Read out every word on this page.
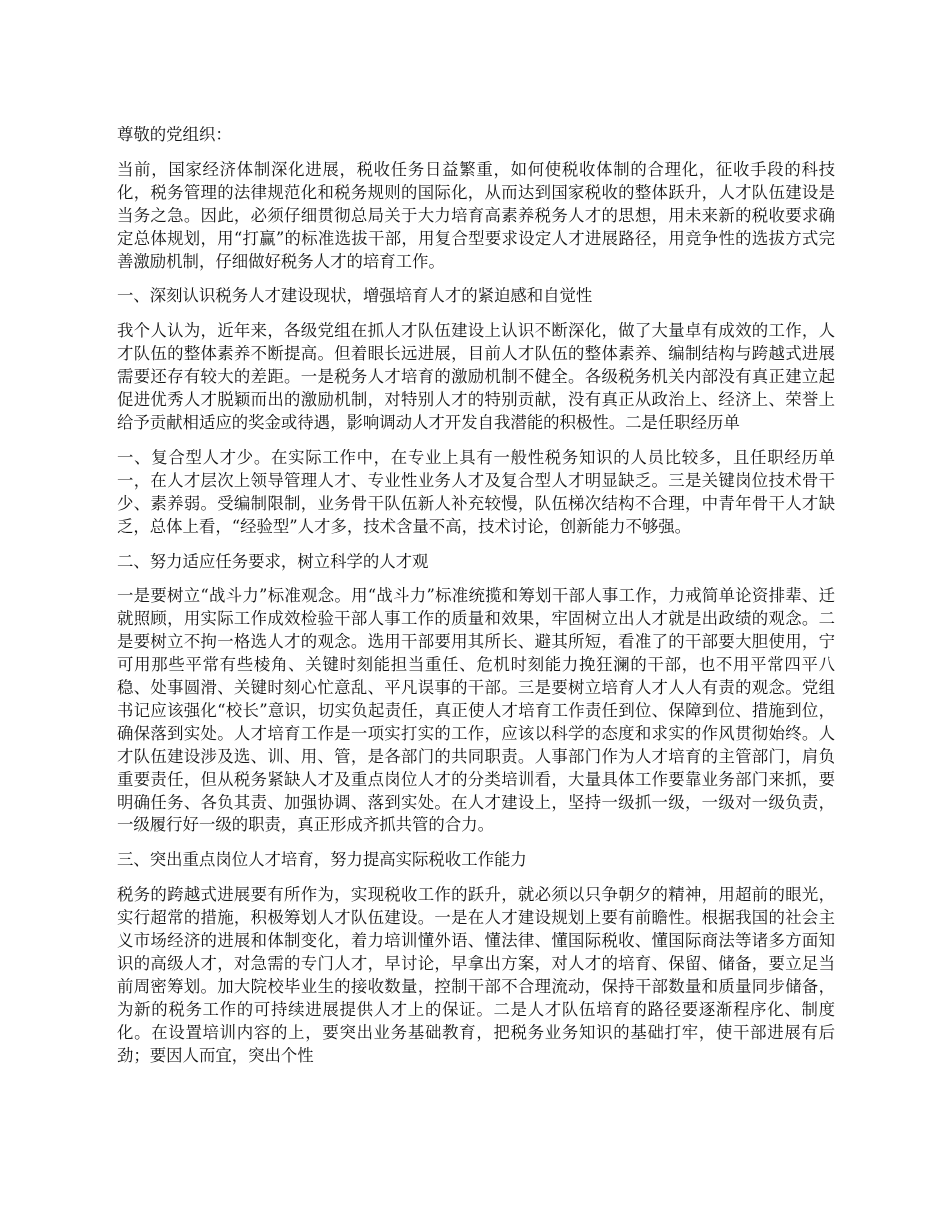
尊敬的党组织：

当前，国家经济体制深化进展，税收任务日益繁重，如何使税收体制的合理化，征收手段的科技化，税务管理的法律规范化和税务规则的国际化，从而达到国家税收的整体跃升，人才队伍建设是当务之急。因此，必须仔细贯彻总局关于大力培育高素养税务人才的思想，用未来新的税收要求确定总体规划，用“打赢”的标准选拔干部，用复合型要求设定人才进展路径，用竞争性的选拔方式完善激励机制，仔细做好税务人才的培育工作。

一、深刻认识税务人才建设现状，增强培育人才的紧迫感和自觉性

我个人认为，近年来，各级党组在抓人才队伍建设上认识不断深化，做了大量卓有成效的工作，人才队伍的整体素养不断提高。但着眼长远进展，目前人才队伍的整体素养、编制结构与跨越式进展需要还存有较大的差距。一是税务人才培育的激励机制不健全。各级税务机关内部没有真正建立起促进优秀人才脱颖而出的激励机制，对特别人才的特别贡献，没有真正从政治上、经济上、荣誉上给予贡献相适应的奖金或待遇，影响调动人才开发自我潜能的积极性。二是任职经历单

一、复合型人才少。在实际工作中，在专业上具有一般性税务知识的人员比较多，且任职经历单一，在人才层次上领导管理人才、专业性业务人才及复合型人才明显缺乏。三是关键岗位技术骨干少、素养弱。受编制限制，业务骨干队伍新人补充较慢，队伍梯次结构不合理，中青年骨干人才缺乏，总体上看，“经验型”人才多，技术含量不高，技术讨论，创新能力不够强。

二、努力适应任务要求，树立科学的人才观

一是要树立“战斗力”标准观念。用“战斗力”标准统揽和筹划干部人事工作，力戒简单论资排辈、迁就照顾，用实际工作成效检验干部人事工作的质量和效果，牢固树立出人才就是出政绩的观念。二是要树立不拘一格选人才的观念。选用干部要用其所长、避其所短，看准了的干部要大胆使用，宁可用那些平常有些棱角、关键时刻能担当重任、危机时刻能力挽狂澜的干部，也不用平常四平八稳、处事圆滑、关键时刻心忙意乱、平凡误事的干部。三是要树立培育人才人人有责的观念。党组书记应该强化“校长”意识，切实负起责任，真正使人才培育工作责任到位、保障到位、措施到位，确保落到实处。人才培育工作是一项实打实的工作，应该以科学的态度和求实的作风贯彻始终。人才队伍建设涉及选、训、用、管，是各部门的共同职责。人事部门作为人才培育的主管部门，肩负重要责任，但从税务紧缺人才及重点岗位人才的分类培训看，大量具体工作要靠业务部门来抓，要明确任务、各负其责、加强协调、落到实处。在人才建设上，坚持一级抓一级，一级对一级负责，一级履行好一级的职责，真正形成齐抓共管的合力。

三、突出重点岗位人才培育，努力提高实际税收工作能力

税务的跨越式进展要有所作为，实现税收工作的跃升，就必须以只争朝夕的精神，用超前的眼光，实行超常的措施，积极筹划人才队伍建设。一是在人才建设规划上要有前瞻性。根据我国的社会主义市场经济的进展和体制变化，着力培训懂外语、懂法律、懂国际税收、懂国际商法等诸多方面知识的高级人才，对急需的专门人才，早讨论，早拿出方案，对人才的培育、保留、储备，要立足当前周密筹划。加大院校毕业生的接收数量，控制干部不合理流动，保持干部数量和质量同步储备，为新的税务工作的可持续进展提供人才上的保证。二是人才队伍培育的路径要逐渐程序化、制度化。在设置培训内容的上，要突出业务基础教育，把税务业务知识的基础打牢，使干部进展有后劲；要因人而宜，突出个性
